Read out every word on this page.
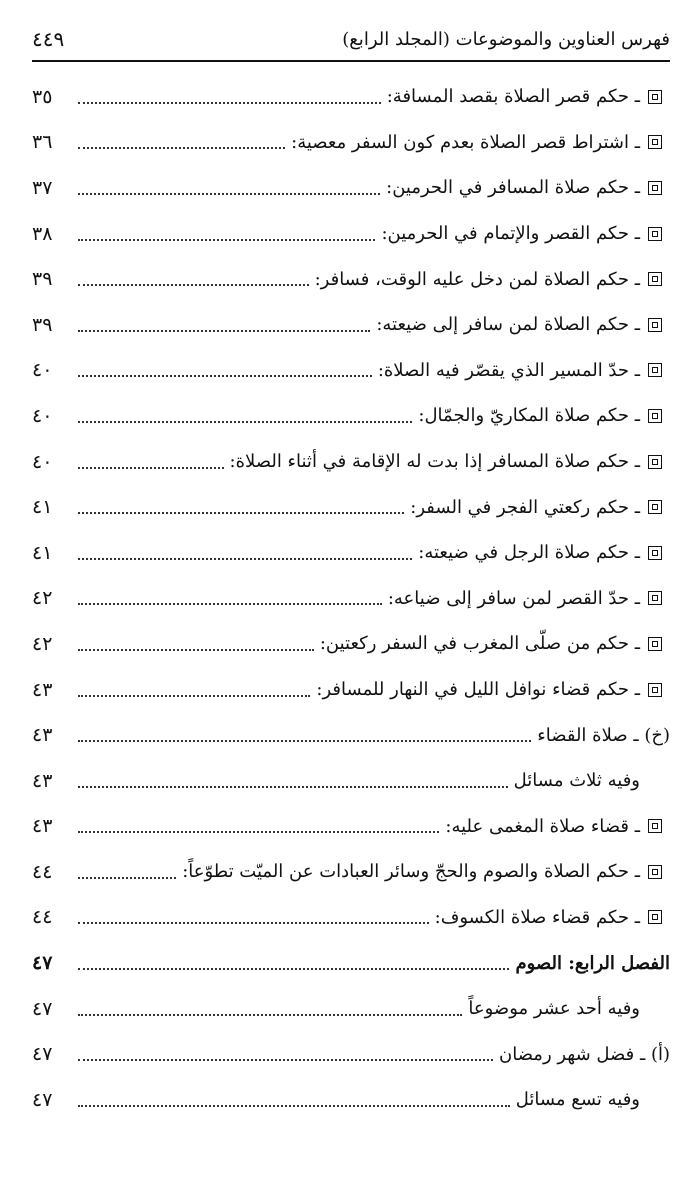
فهرس العناوين والموضوعات (المجلد الرابع)
٤٤٩
ـ حكم قصر الصلاة بقصد المسافة:
٣٥
ـ اشتراط قصر الصلاة بعدم كون السفر معصية:
٣٦
ـ حكم صلاة المسافر في الحرمين:
٣٧
ـ حكم القصر والإتمام في الحرمين:
٣٨
ـ حكم الصلاة لمن دخل عليه الوقت، فسافر:
٣٩
ـ حكم الصلاة لمن سافر إلى ضيعته:
٣٩
ـ حدّ المسير الذي يقصّر فيه الصلاة:
٤٠
ـ حكم صلاة المكاريّ والجمّال:
٤٠
ـ حكم صلاة المسافر إذا بدت له الإقامة في أثناء الصلاة:
٤٠
ـ حكم ركعتي الفجر في السفر:
٤١
ـ حكم صلاة الرجل في ضيعته:
٤١
ـ حدّ القصر لمن سافر إلى ضياعه:
٤٢
ـ حكم من صلّى المغرب في السفر ركعتين:
٤٢
ـ حكم قضاء نوافل الليل في النهار للمسافر:
٤٣
(خ) ـ صلاة القضاء
٤٣
وفيه ثلاث مسائل
٤٣
ـ قضاء صلاة المغمى عليه:
٤٣
ـ حكم الصلاة والصوم والحجّ وسائر العبادات عن الميّت تطوّعاً:
٤٤
ـ حكم قضاء صلاة الكسوف:
٤٤
الفصل الرابع: الصوم
٤٧
وفيه أحد عشر موضوعاً
٤٧
(أ) ـ فضل شهر رمضان
٤٧
وفيه تسع مسائل
٤٧
